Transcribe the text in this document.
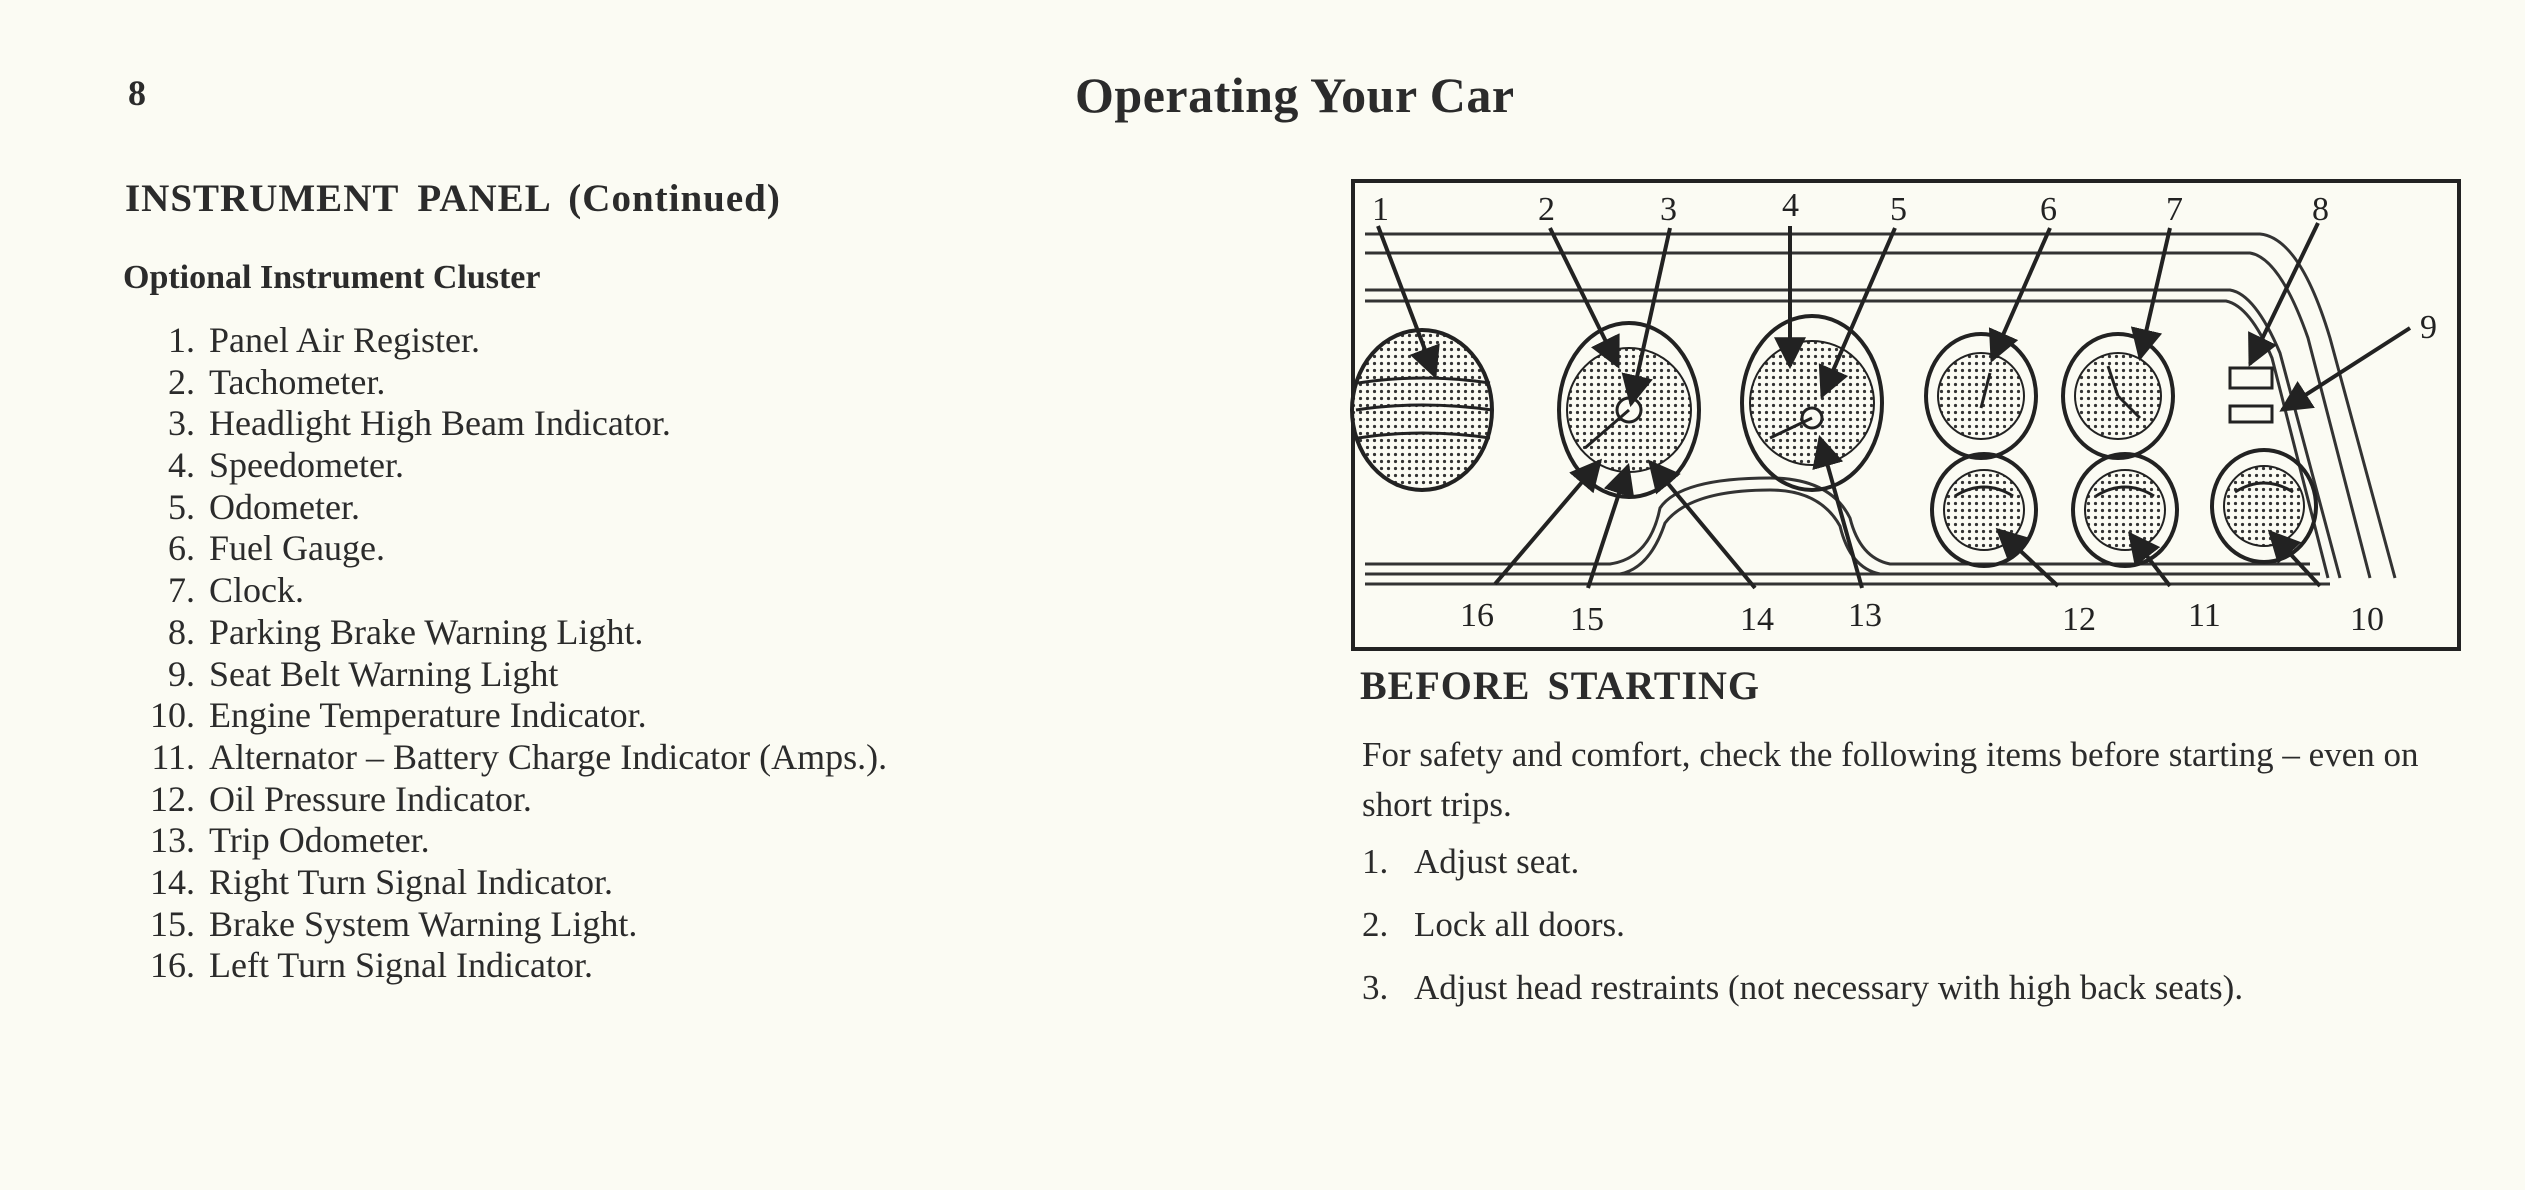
8	Operating Your Car
INSTRUMENT PANEL (Continued)
Optional Instrument Cluster
1. Panel Air Register.
2. Tachometer.
3. Headlight High Beam Indicator.
4. Speedometer.
5. Odometer.
6. Fuel Gauge.
7. Clock.
8. Parking Brake Warning Light.
9. Seat Belt Warning Light
10. Engine Temperature Indicator.
11. Alternator – Battery Charge Indicator (Amps.).
12. Oil Pressure Indicator.
13. Trip Odometer.
14. Right Turn Signal Indicator.
15. Brake System Warning Light.
16. Left Turn Signal Indicator.
1	2	3	4	5	6	7	8
9
16 15	14 13	12	11	10
BEFORE STARTING

For safety and comfort, check the following items before starting – even on short trips.

1. Adjust seat.
2. Lock all doors.
3. Adjust head restraints (not necessary with high back seats).
